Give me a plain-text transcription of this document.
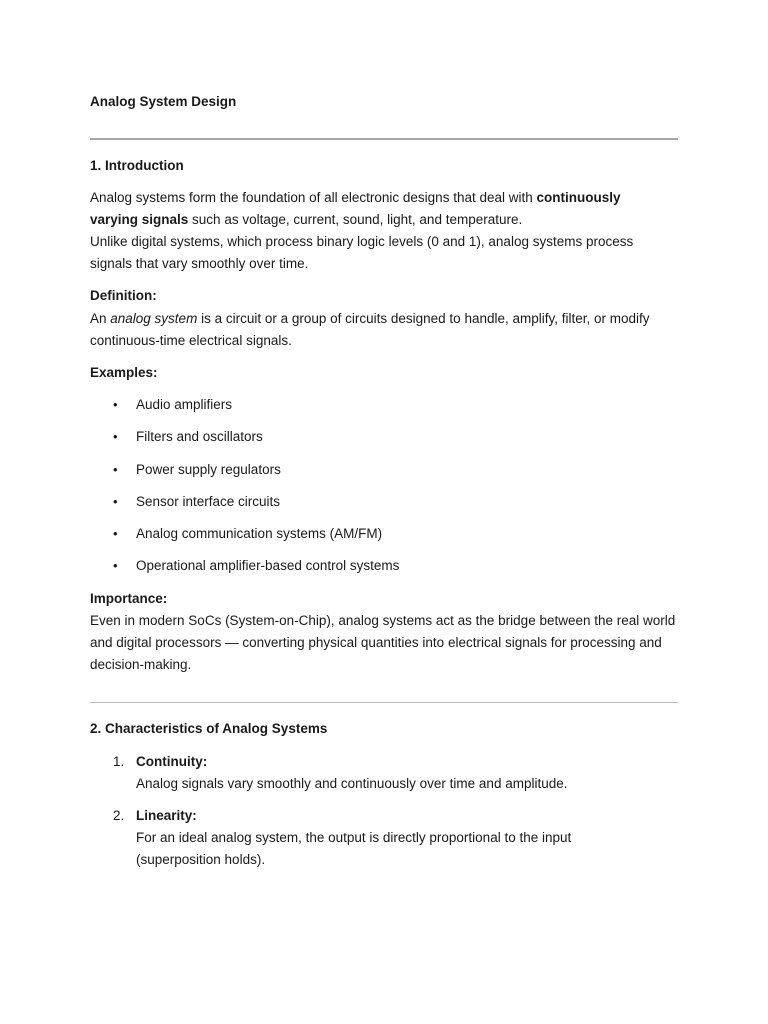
Analog System Design

1. Introduction

Analog systems form the foundation of all electronic designs that deal with continuously

varying signals such as voltage, current, sound, light, and temperature.

Unlike digital systems, which process binary logic levels (0 and 1), analog systems process

signals that vary smoothly over time.

Definition:

An analog system is a circuit or a group of circuits designed to handle, amplify, filter, or modify

continuous-time electrical signals.

Examples:

• Audio amplifiers

• Filters and oscillators

• Power supply regulators

• Sensor interface circuits

• Analog communication systems (AM/FM)

• Operational amplifier-based control systems

Importance:

Even in modern SoCs (System-on-Chip), analog systems act as the bridge between the real world

and digital processors — converting physical quantities into electrical signals for processing and

decision-making.

2. Characteristics of Analog Systems

1. Continuity:

Analog signals vary smoothly and continuously over time and amplitude.

2. Linearity:

For an ideal analog system, the output is directly proportional to the input

(superposition holds).
